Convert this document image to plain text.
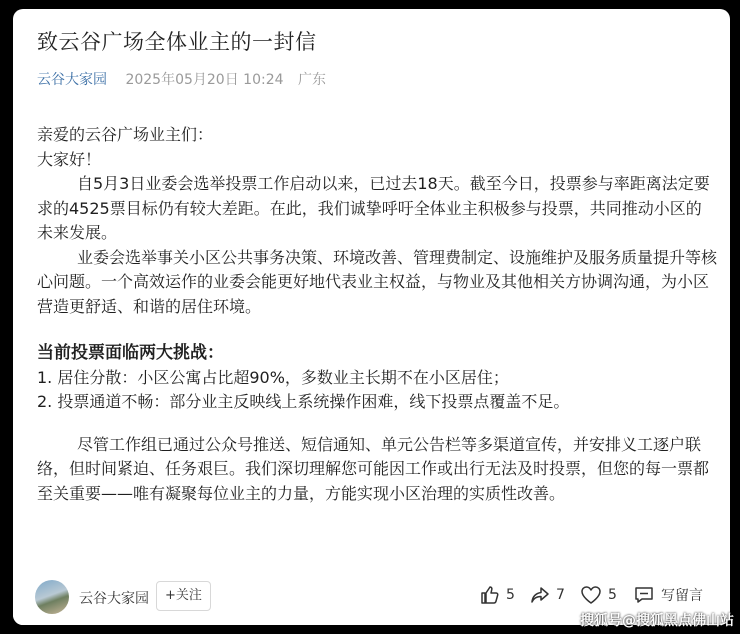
致云谷广场全体业主的一封信
云谷大家园 2025年05月20日 10:24 广东

亲爱的云谷广场业主们：

大家好！

自5月3日业委会选举投票工作启动以来，已过去18天。截至今日，投票参与率距离法定要求的4525票目标仍有较大差距。在此，我们诚挚呼吁全体业主积极参与投票，共同推动小区的未来发展。

业委会选举事关小区公共事务决策、环境改善、管理费制定、设施维护及服务质量提升等核心问题。一个高效运作的业委会能更好地代表业主权益，与物业及其他相关方协调沟通，为小区营造更舒适、和谐的居住环境。

当前投票面临两大挑战：

1. 居住分散：小区公寓占比超90%，多数业主长期不在小区居住；

2. 投票通道不畅：部分业主反映线上系统操作困难，线下投票点覆盖不足。

尽管工作组已通过公众号推送、短信通知、单元公告栏等多渠道宣传，并安排义工逐户联络，但时间紧迫、任务艰巨。我们深切理解您可能因工作或出行无法及时投票，但您的每一票都至关重要——唯有凝聚每位业主的力量，方能实现小区治理的实质性改善。

云谷大家园	+关注	5	7	5	写留言
搜狐号@搜狐黑点佛山站
